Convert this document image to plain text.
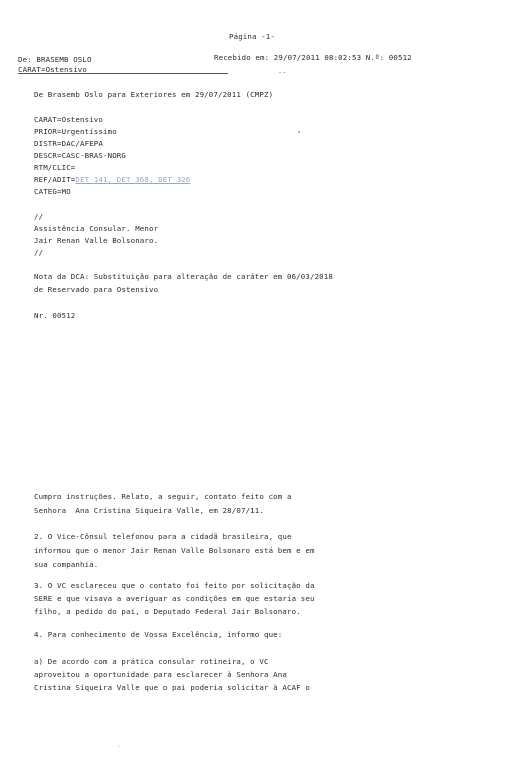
Página -1-
De: BRASEMB OSLO	Recebido em: 29/07/2011 08:02:53 N.º: 00512
CARAT=Ostensivo	⁻⁻
De Brasemb Oslo para Exteriores em 29/07/2011 (CMPZ)
CARAT=Ostensivo
PRIOR=Urgentíssimo	,
DISTR=DAC/AFEPA
DESCR=CASC-BRAS-NORG
RTM/CLIC=
REF/ADIT=DET 141, DET 368, DET 326
CATEG=MO
//
Assistência Consular. Menor
Jair Renan Valle Bolsonaro.
//
Nota da DCA: Substituição para alteração de caráter em 06/03/2018
de Reservado para Ostensivo
Nr. 00512
Cumpro instruções. Relato, a seguir, contato feito com a
Senhora  Ana Cristina Siqueira Valle, em 28/07/11.
2. O Vice-Cônsul telefonou para a cidadã brasileira, que
informou que o menor Jair Renan Valle Bolsonaro está bem e em
sua companhia.
3. O VC esclareceu que o contato foi feito por solicitação da
SERE e que visava a averiguar as condições em que estaria seu
filho, a pedido do pai, o Deputado Federal Jair Bolsonaro.
4. Para conhecimento de Vossa Excelência, informo que:
a) De acordo com a prática consular rotineira, o VC
aproveitou a oportunidade para esclarecer à Senhora Ana
Cristina Siqueira Valle que o pai poderia solicitar à ACAF o
·
